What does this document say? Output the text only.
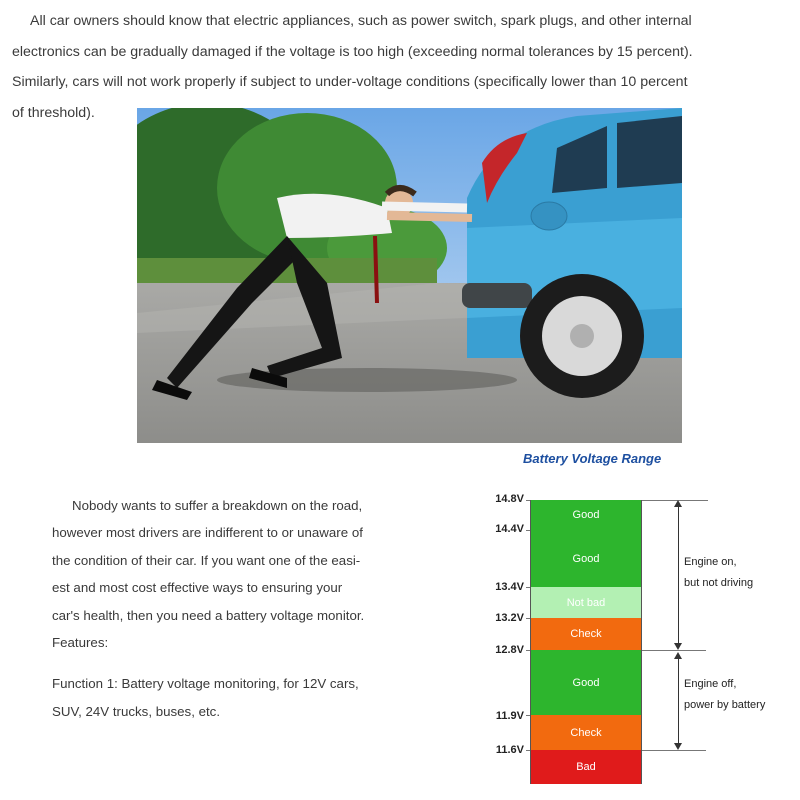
All car owners should know that electric appliances, such as power switch, spark plugs, and other internal

electronics can be gradually damaged if the voltage is too high (exceeding normal tolerances by 15 percent).
Similarly, cars will not work properly if subject to under-voltage conditions (specifically lower than 10 percent
of threshold).
Battery Voltage Range

Nobody wants to suffer a breakdown on the road,

however most drivers are indifferent to or unaware of

the condition of their car. If you want one of the easi-

est and most cost effective ways to ensuring your

car's health, then you need a battery voltage monitor.

Features:

Function 1: Battery voltage monitoring, for 12V cars,

SUV, 24V trucks, buses, etc.

14.8V
14.4V
13.4V
13.2V
12.8V
11.9V
11.6V
Good
Good
Not bad
Check
Good
Check
Bad
Engine on,
but not driving
Engine off,
power by battery
